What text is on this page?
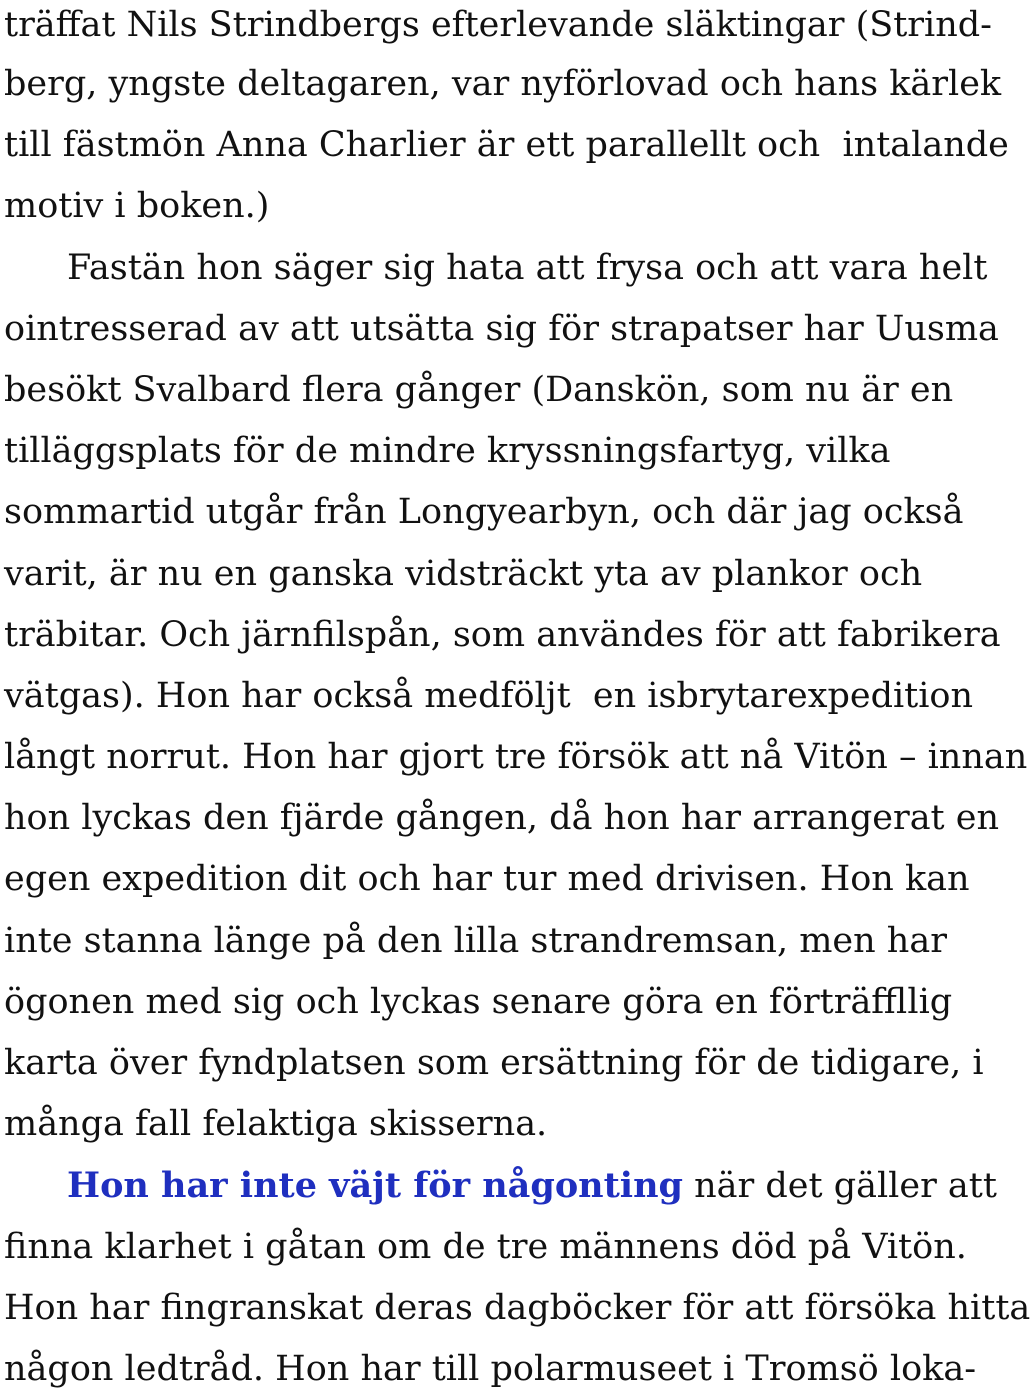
träffat Nils Strindbergs efterlevande släktingar (Strind-
berg, yngste deltagaren, var nyförlovad och hans kärlek
till fästmön Anna Charlier är ett parallellt och  intalande
motiv i boken.)
Fastän hon säger sig hata att frysa och att vara helt
ointresserad av att utsätta sig för strapatser har Uusma
besökt Svalbard flera gånger (Danskön, som nu är en
tilläggsplats för de mindre kryssningsfartyg, vilka
sommartid utgår från Longyearbyn, och där jag också
varit, är nu en ganska vidsträckt yta av plankor och
träbitar. Och järnfilspån, som användes för att fabrikera
vätgas). Hon har också medföljt  en isbrytarexpedition
långt norrut. Hon har gjort tre försök att nå Vitön – innan
hon lyckas den fjärde gången, då hon har arrangerat en
egen expedition dit och har tur med drivisen. Hon kan
inte stanna länge på den lilla strandremsan, men har
ögonen med sig och lyckas senare göra en förträffllig
karta över fyndplatsen som ersättning för de tidigare, i
många fall felaktiga skisserna.
Hon har inte väjt för någonting när det gäller att
finna klarhet i gåtan om de tre männens död på Vitön.
Hon har fingranskat deras dagböcker för att försöka hitta
någon ledtråd. Hon har till polarmuseet i Tromsö loka-
